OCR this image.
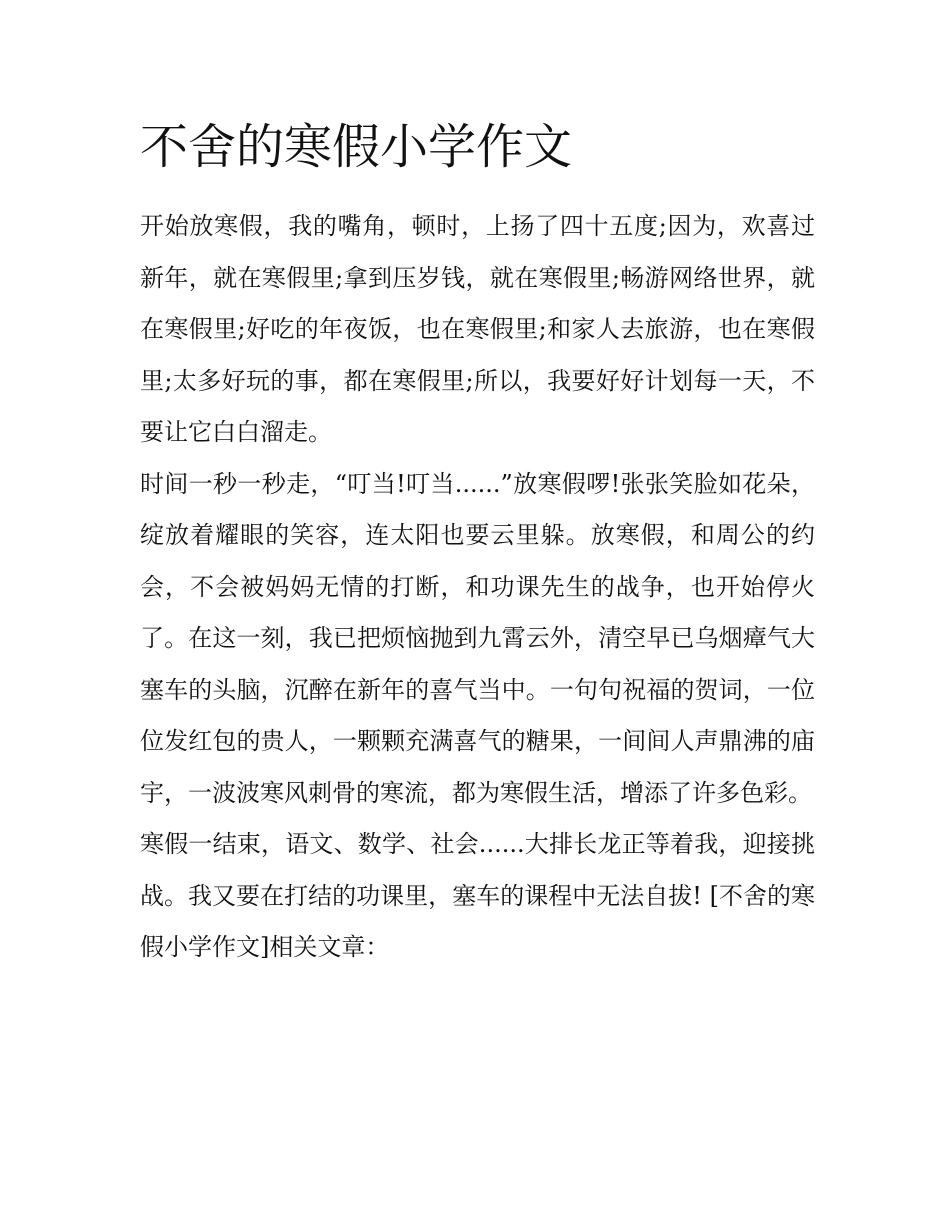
不舍的寒假小学作文

开始放寒假，我的嘴角，顿时，上扬了四十五度;因为，欢喜过新年，就在寒假里;拿到压岁钱，就在寒假里;畅游网络世界，就在寒假里;好吃的年夜饭，也在寒假里;和家人去旅游，也在寒假里;太多好玩的事，都在寒假里;所以，我要好好计划每一天，不要让它白白溜走。

时间一秒一秒走，“叮当!叮当......”放寒假啰!张张笑脸如花朵，绽放着耀眼的笑容，连太阳也要云里躲。放寒假，和周公的约会，不会被妈妈无情的打断，和功课先生的战争，也开始停火了。在这一刻，我已把烦恼抛到九霄云外，清空早已乌烟瘴气大塞车的头脑，沉醉在新年的喜气当中。一句句祝福的贺词，一位位发红包的贵人，一颗颗充满喜气的糖果，一间间人声鼎沸的庙宇，一波波寒风刺骨的寒流，都为寒假生活，增添了许多色彩。

寒假一结束，语文、数学、社会......大排长龙正等着我，迎接挑战。我又要在打结的功课里，塞车的课程中无法自拔! [不舍的寒假小学作文]相关文章：
